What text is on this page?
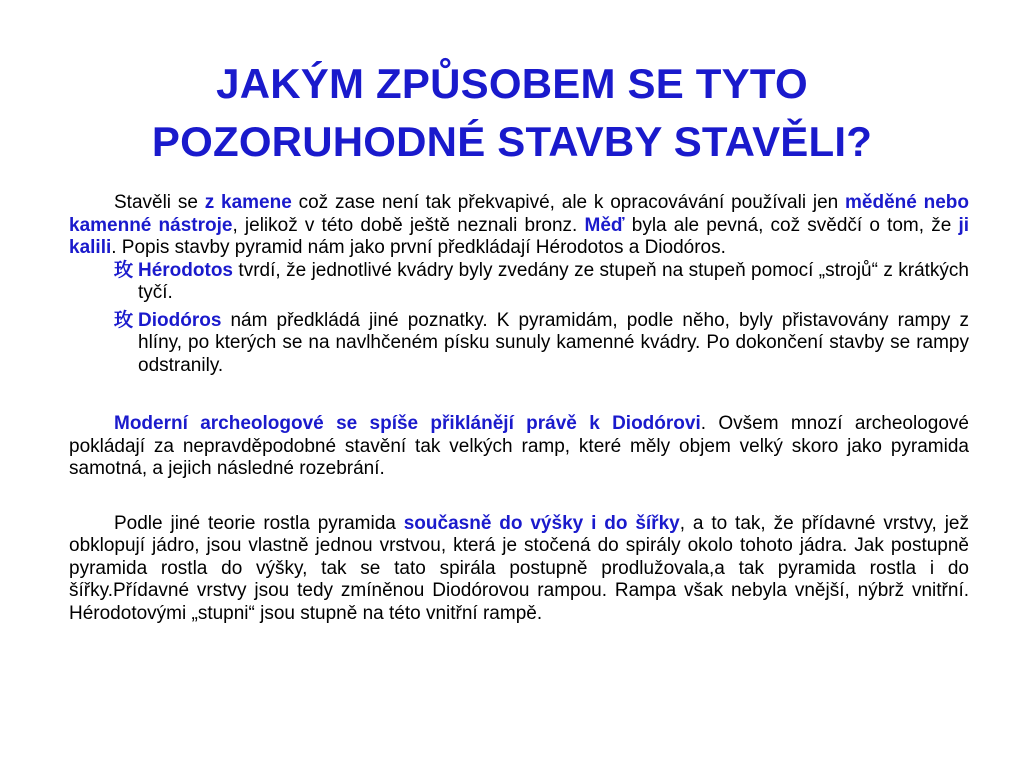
JAKÝM ZPŮSOBEM SE TYTO
POZORUHODNÉ STAVBY STAVĚLI?

Stavěli se z kamene což zase není tak překvapivé, ale k opracovávání používali jen měděné nebo kamenné nástroje, jelikož v této době ještě neznali bronz. Měď byla ale pevná, což svědčí o tom, že ji kalili. Popis stavby pyramid nám jako první předkládají Hérodotos a Diodóros.

玫 Hérodotos tvrdí, že jednotlivé kvádry byly zvedány ze stupeň na stupeň pomocí „strojů“ z krátkých tyčí.
玫 Diodóros nám předkládá jiné poznatky. K pyramidám, podle něho, byly přistavovány rampy z hlíny, po kterých se na navlhčeném písku sunuly kamenné kvádry. Po dokončení stavby se rampy odstranily.

Moderní archeologové se spíše přiklánějí právě k Diodórovi. Ovšem mnozí archeologové pokládají za nepravděpodobné stavění tak velkých ramp, které měly objem velký skoro jako pyramida samotná, a jejich následné rozebrání.

Podle jiné teorie rostla pyramida současně do výšky i do šířky, a to tak, že přídavné vrstvy, jež obklopují jádro, jsou vlastně jednou vrstvou, která je stočená do spirály okolo tohoto jádra. Jak postupně pyramida rostla do výšky, tak se tato spirála postupně prodlužovala,a tak pyramida rostla i do šířky.Přídavné vrstvy jsou tedy zmíněnou Diodórovou rampou. Rampa však nebyla vnější, nýbrž vnitřní. Hérodotovými „stupni“ jsou stupně na této vnitřní rampě.
